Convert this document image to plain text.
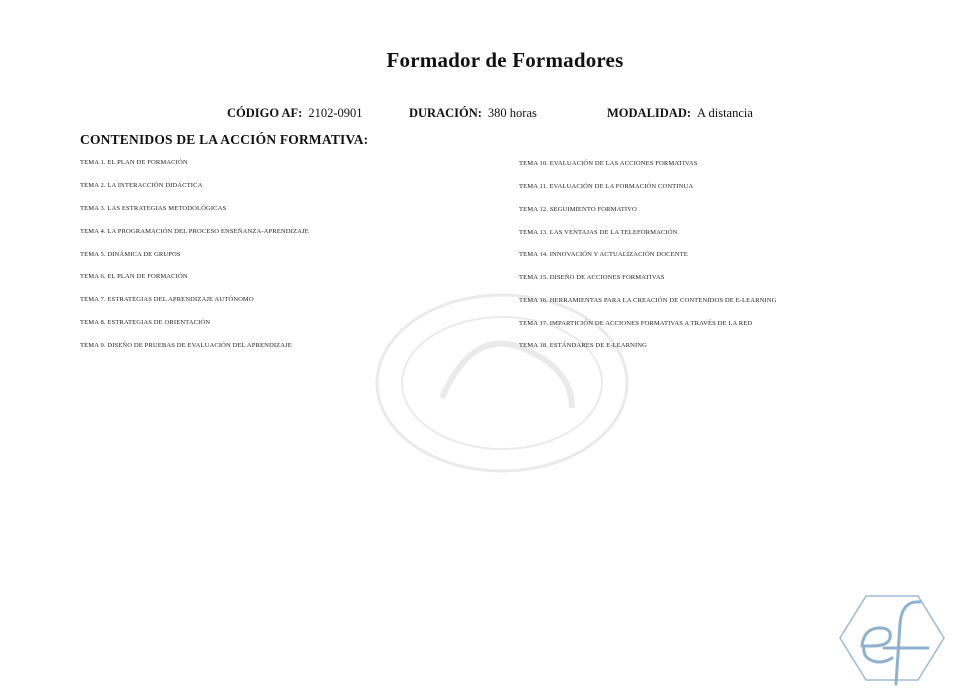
Formador de Formadores
CÓDIGO AF: 2102-0901	DURACIÓN: 380 horas	MODALIDAD: A distancia
CONTENIDOS DE LA ACCIÓN FORMATIVA:
TEMA 1. EL PLAN DE FORMACIÓN
TEMA 2. LA INTERACCIÓN DIDÁCTICA
TEMA 3. LAS ESTRATEGIAS METODOLÓGICAS
TEMA 4. LA PROGRAMACIÓN DEL PROCESO ENSEÑANZA-APRENDIZAJE
TEMA 5. DINÁMICA DE GRUPOS
TEMA 6. EL PLAN DE FORMACIÓN
TEMA 7. ESTRATEGIAS DEL APRENDIZAJE AUTÓNOMO
TEMA 8. ESTRATEGIAS DE ORIENTACIÓN
TEMA 9. DISEÑO DE PRUEBAS DE EVALUACIÓN DEL APRENDIZAJE
TEMA 10. EVALUACIÓN DE LAS ACCIONES FORMATIVAS
TEMA 11. EVALUACIÓN DE LA FORMACIÓN CONTINUA
TEMA 12. SEGUIMIENTO FORMATIVO
TEMA 13. LAS VENTAJAS DE LA TELEFORMACIÓN
TEMA 14. INNOVACIÓN Y ACTUALIZACIÓN DOCENTE
TEMA 15. DISEÑO DE ACCIONES FORMATIVAS
TEMA 16. HERRAMIENTAS PARA LA CREACIÓN DE CONTENIDOS DE E-LEARNING
TEMA 17. IMPARTICIÓN DE ACCIONES FORMATIVAS A TRAVÉS DE LA RED
TEMA 18. ESTÁNDARES DE E-LEARNING
